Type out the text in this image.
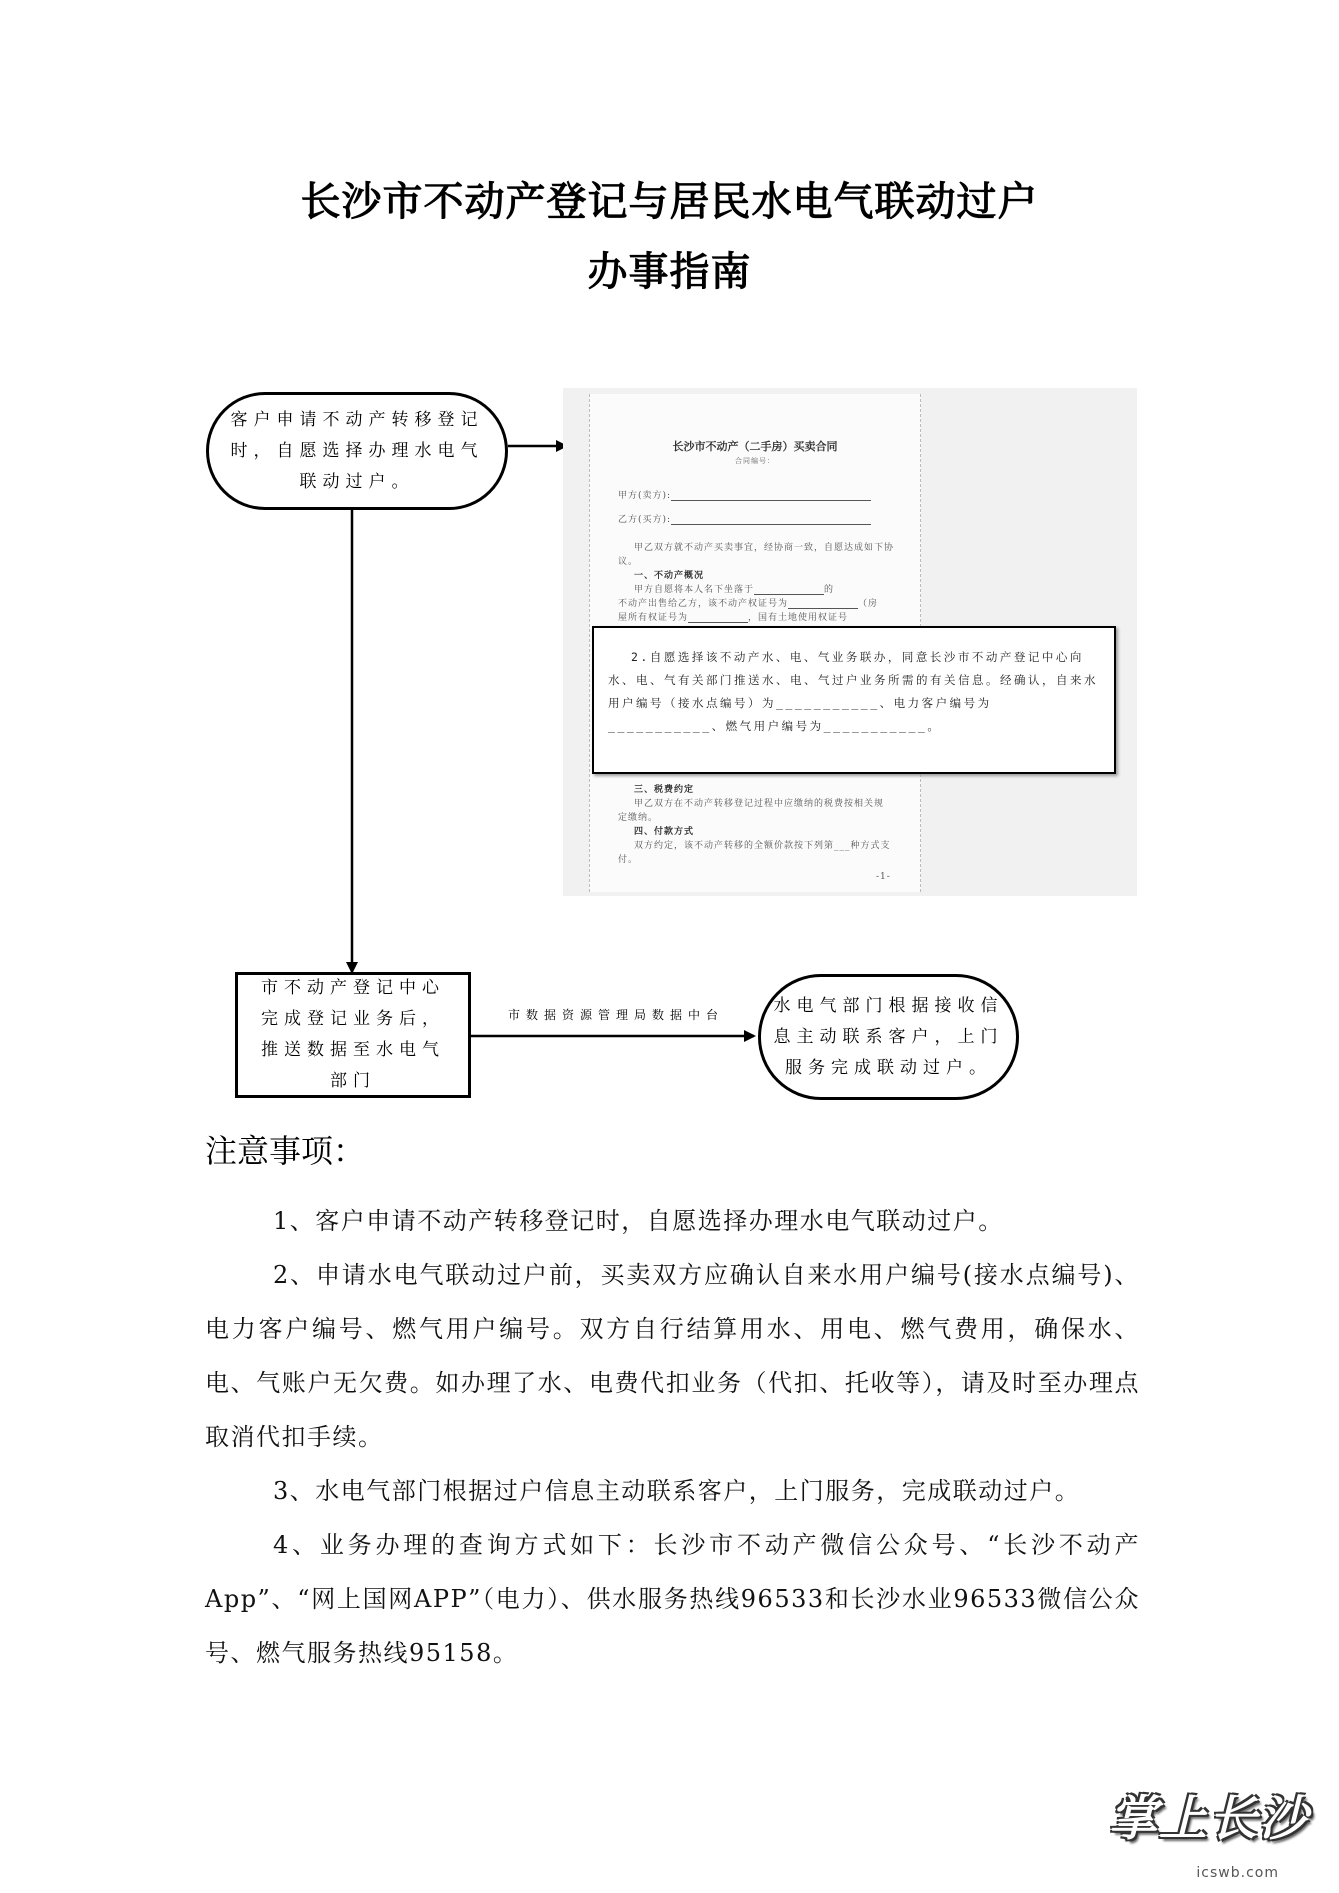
长沙市不动产登记与居民水电气联动过户
办事指南
客户申请不动产转移登记时，自愿选择办理水电气联动过户。
市不动产登记中心完成登记业务后，推送数据至水电气部门
市数据资源管理局数据中台	水电气部门根据接收信息主动联系客户，上门服务完成联动过户。
长沙市不动产（二手房）买卖合同
合同编号：
甲方(卖方):
乙方(买方):
甲乙双方就不动产买卖事宜，经协商一致，自愿达成如下协
议。
一、不动产概况
甲方自愿将本人名下坐落于	的
不动产出售给乙方，该不动产权证号为	（房
屋所有权证号为	，国有土地使用权证号
三、税费约定
甲乙双方在不动产转移登记过程中应缴纳的税费按相关规
定缴纳。
四、付款方式
双方约定，该不动产转移的全额价款按下列第___种方式支
付。
-1-

2.自愿选择该不动产水、电、气业务联办，同意长沙市不动产登记中心向水、电、气有关部门推送水、电、气过户业务所需的有关信息。经确认，自来水用户编号（接水点编号）为___________、电力客户编号为___________、燃气用户编号为___________。

注意事项：
1、客户申请不动产转移登记时，自愿选择办理水电气联动过户。
2、申请水电气联动过户前，买卖双方应确认自来水用户编号(接水点编号)、电力客户编号、燃气用户编号。双方自行结算用水、用电、燃气费用，确保水、电、气账户无欠费。如办理了水、电费代扣业务（代扣、托收等），请及时至办理点取消代扣手续。
3、水电气部门根据过户信息主动联系客户，上门服务，完成联动过户。
4、业务办理的查询方式如下：长沙市不动产微信公众号、“长沙不动产App”、“网上国网APP”（电力）、供水服务热线96533和长沙水业96533微信公众号、燃气服务热线95158。
掌上长沙
icswb.com
